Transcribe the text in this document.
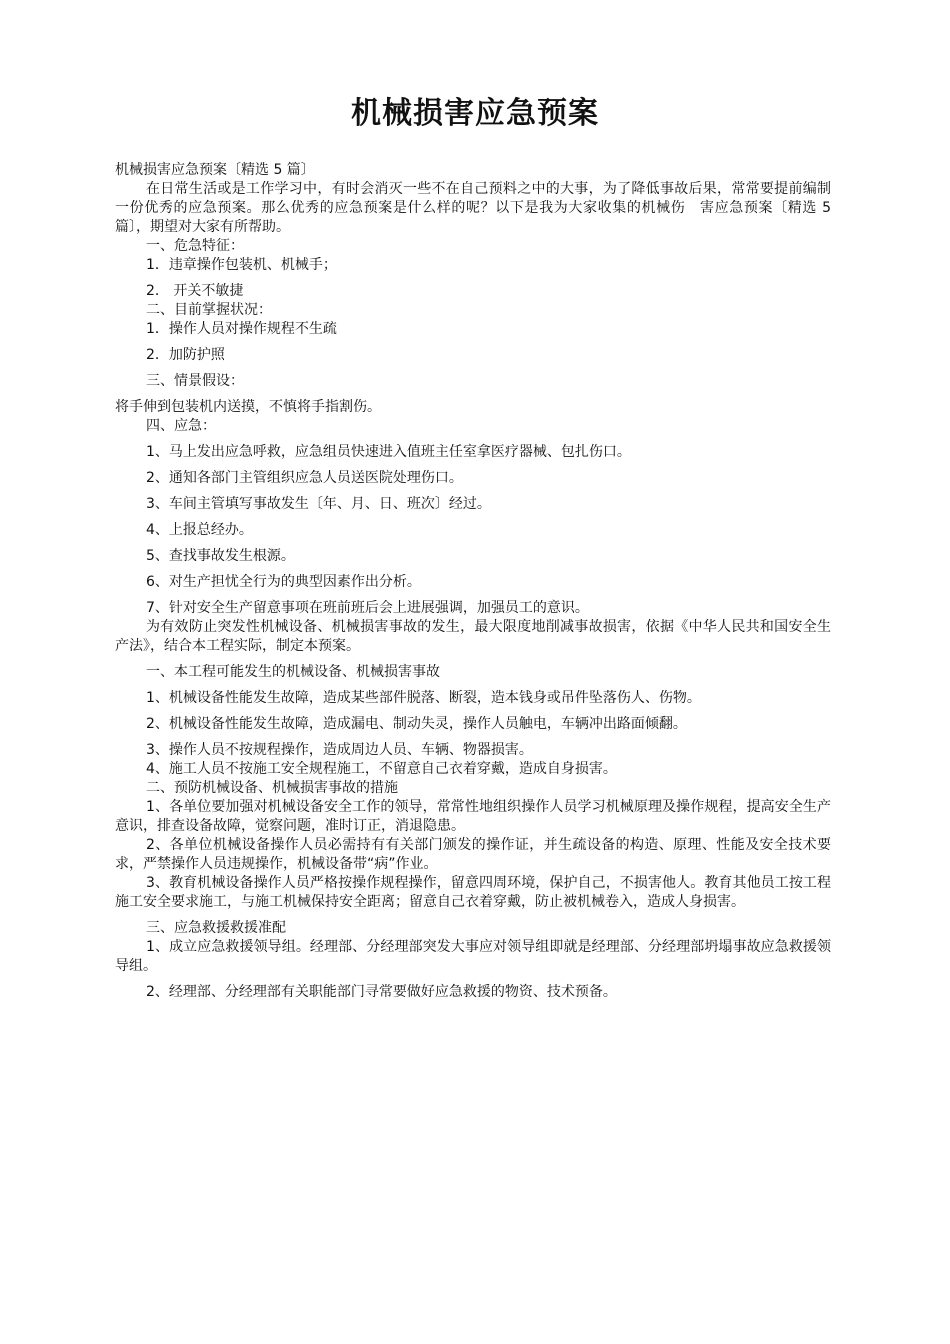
机械损害应急预案

机械损害应急预案〔精选 5 篇〕

在日常生活或是工作学习中，有时会消灭一些不在自己预料之中的大事，为了降低事故后果，常常要提前编制一份优秀的应急预案。那么优秀的应急预案是什么样的呢？以下是我为大家收集的机械伤　害应急预案〔精选 5 篇〕，期望对大家有所帮助。

一、危急特征：

1．违章操作包装机、机械手；

2． 开关不敏捷

二、目前掌握状况：

1．操作人员对操作规程不生疏

2．加防护照

三、情景假设：

将手伸到包装机内送摸，不慎将手指割伤。

四、应急：

1、马上发出应急呼救，应急组员快速进入值班主任室拿医疗器械、包扎伤口。

2、通知各部门主管组织应急人员送医院处理伤口。

3、车间主管填写事故发生〔年、月、日、班次〕经过。

4、上报总经办。

5、查找事故发生根源。

6、对生产担忧全行为的典型因素作出分析。

7、针对安全生产留意事项在班前班后会上进展强调，加强员工的意识。

为有效防止突发性机械设备、机械损害事故的发生，最大限度地削减事故损害，依据《中华人民共和国安全生产法》，结合本工程实际，制定本预案。

一、本工程可能发生的机械设备、机械损害事故

1、机械设备性能发生故障，造成某些部件脱落、断裂，造本钱身或吊件坠落伤人、伤物。

2、机械设备性能发生故障，造成漏电、制动失灵，操作人员触电，车辆冲出路面倾翻。

3、操作人员不按规程操作，造成周边人员、车辆、物器损害。

4、施工人员不按施工安全规程施工，不留意自己衣着穿戴，造成自身损害。

二、预防机械设备、机械损害事故的措施

1、各单位要加强对机械设备安全工作的领导，常常性地组织操作人员学习机械原理及操作规程，提高安全生产意识，排查设备故障，觉察问题，准时订正，消退隐患。

2、各单位机械设备操作人员必需持有有关部门颁发的操作证，并生疏设备的构造、原理、性能及安全技术要求，严禁操作人员违规操作，机械设备带“病”作业。

3、教育机械设备操作人员严格按操作规程操作，留意四周环境，保护自己，不损害他人。教育其他员工按工程施工安全要求施工，与施工机械保持安全距离；留意自己衣着穿戴，防止被机械卷入，造成人身损害。

三、应急救援救援准配

1、成立应急救援领导组。经理部、分经理部突发大事应对领导组即就是经理部、分经理部坍塌事故应急救援领导组。

2、经理部、分经理部有关职能部门寻常要做好应急救援的物资、技术预备。
